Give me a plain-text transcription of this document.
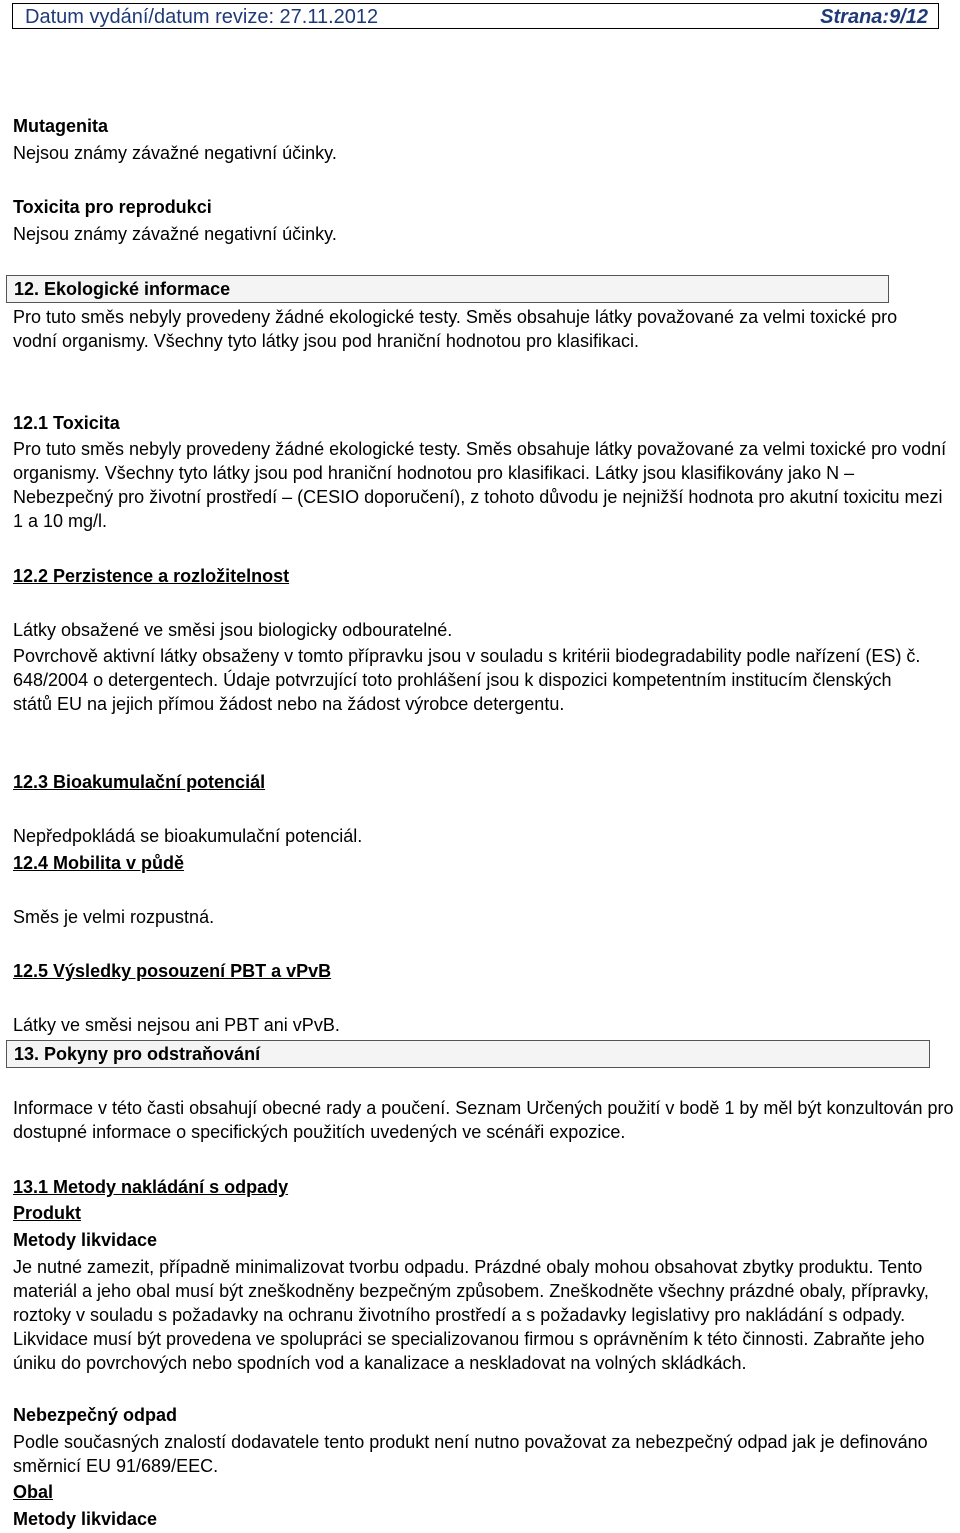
Datum vydání/datum revize: 27.11.2012	Strana:9/12

Mutagenita

Nejsou známy závažné negativní účinky.

Toxicita pro reprodukci

Nejsou známy závažné negativní účinky.

12. Ekologické informace

Pro tuto směs nebyly provedeny žádné ekologické testy. Směs obsahuje látky považované za velmi toxické pro vodní organismy. Všechny tyto látky jsou pod hraniční hodnotou pro klasifikaci.

12.1 Toxicita

Pro tuto směs nebyly provedeny žádné ekologické testy. Směs obsahuje látky považované za velmi toxické pro vodní organismy. Všechny tyto látky jsou pod hraniční hodnotou pro klasifikaci. Látky jsou klasifikovány jako N – Nebezpečný pro životní prostředí – (CESIO doporučení), z tohoto důvodu je nejnižší hodnota pro akutní toxicitu mezi 1 a 10 mg/l.

12.2 Perzistence a rozložitelnost

Látky obsažené ve směsi jsou biologicky odbouratelné.

Povrchově aktivní látky obsaženy v tomto přípravku jsou v souladu s kritérii biodegradability podle nařízení (ES) č. 648/2004 o detergentech. Údaje potvrzující toto prohlášení jsou k dispozici kompetentním institucím členských států EU na jejich přímou žádost nebo na žádost výrobce detergentu.

12.3 Bioakumulační potenciál

Nepředpokládá se bioakumulační potenciál.

12.4 Mobilita v půdě

Směs je velmi rozpustná.

12.5 Výsledky posouzení PBT a vPvB

Látky ve směsi nejsou ani PBT ani vPvB.

13. Pokyny pro odstraňování

Informace v této časti obsahují obecné rady a poučení. Seznam Určených použití v bodě 1 by měl být konzultován pro dostupné informace o specifických použitích uvedených ve scénáři expozice.

13.1 Metody nakládání s odpady

Produkt

Metody likvidace

Je nutné zamezit, případně minimalizovat tvorbu odpadu. Prázdné obaly mohou obsahovat zbytky produktu. Tento materiál a jeho obal musí být zneškodněny bezpečným způsobem. Zneškodněte všechny prázdné obaly, přípravky, roztoky v souladu s požadavky na ochranu životního prostředí a s požadavky legislativy pro nakládání s odpady. Likvidace musí být provedena ve spolupráci se specializovanou firmou s oprávněním k této činnosti. Zabraňte jeho úniku do povrchových nebo spodních vod a kanalizace a neskladovat na volných skládkách.

Nebezpečný odpad

Podle současných znalostí dodavatele tento produkt není nutno považovat za nebezpečný odpad jak je definováno směrnicí EU 91/689/EEC.

Obal

Metody likvidace
